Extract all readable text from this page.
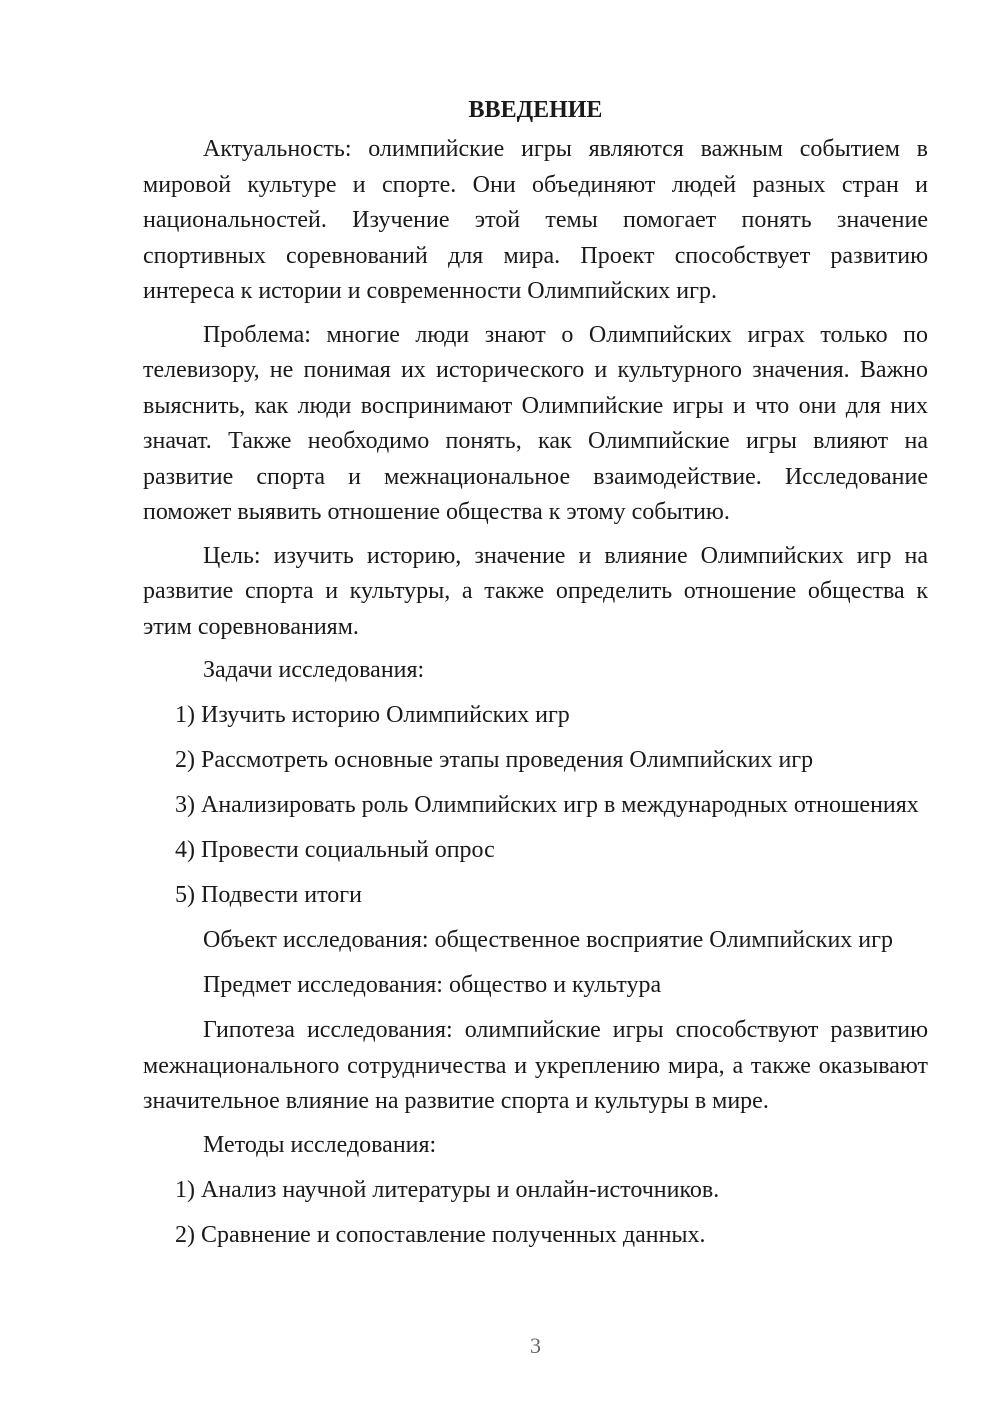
ВВЕДЕНИЕ

Актуальность: олимпийские игры являются важным событием в мировой культуре и спорте. Они объединяют людей разных стран и национальностей. Изучение этой темы помогает понять значение спортивных соревнований для мира. Проект способствует развитию интереса к истории и современности Олимпийских игр.

Проблема: многие люди знают о Олимпийских играх только по телевизору, не понимая их исторического и культурного значения. Важно выяснить, как люди воспринимают Олимпийские игры и что они для них значат. Также необходимо понять, как Олимпийские игры влияют на развитие спорта и межнациональное взаимодействие. Исследование поможет выявить отношение общества к этому событию.

Цель: изучить историю, значение и влияние Олимпийских игр на развитие спорта и культуры, а также определить отношение общества к этим соревнованиям.

Задачи исследования:
1) Изучить историю Олимпийских игр
2) Рассмотреть основные этапы проведения Олимпийских игр
3) Анализировать роль Олимпийских игр в международных отношениях
4) Провести социальный опрос
5) Подвести итоги
Объект исследования: общественное восприятие Олимпийских игр
Предмет исследования: общество и культура

Гипотеза исследования: олимпийские игры способствуют развитию межнационального сотрудничества и укреплению мира, а также оказывают значительное влияние на развитие спорта и культуры в мире.

Методы исследования:
1) Анализ научной литературы и онлайн-источников.
2) Сравнение и сопоставление полученных данных.
3
